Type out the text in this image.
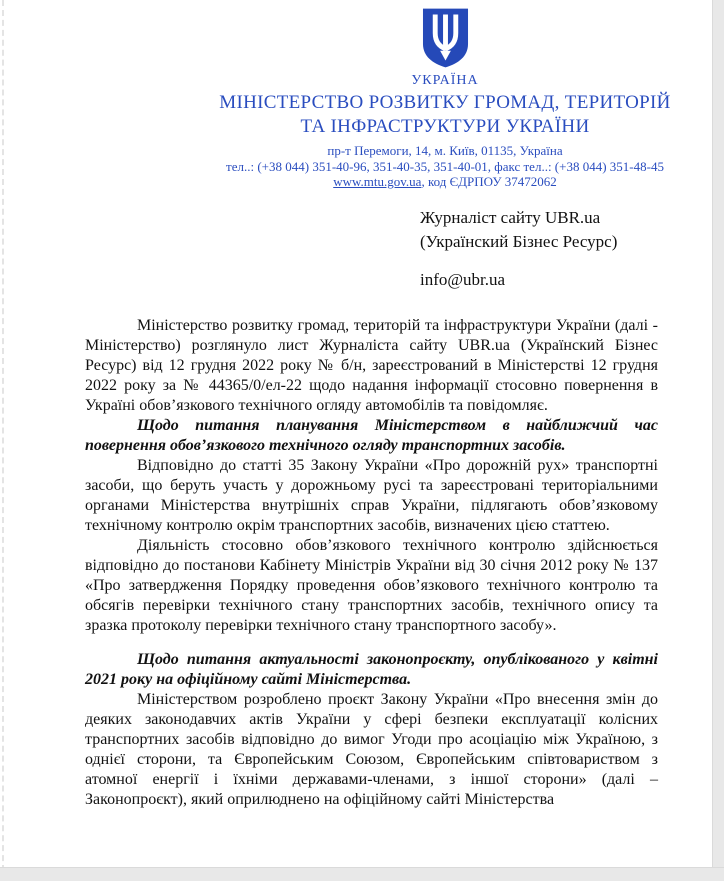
УКРАЇНА
МІНІСТЕРСТВО РОЗВИТКУ ГРОМАД, ТЕРИТОРІЙ
ТА ІНФРАСТРУКТУРИ УКРАЇНИ
пр-т Перемоги, 14, м. Київ, 01135, Україна
тел..: (+38 044) 351-40-96, 351-40-35, 351-40-01, факс тел..: (+38 044) 351-48-45
www.mtu.gov.ua, код ЄДРПОУ 37472062
Журналіст сайту UBR.ua
(Українский Бізнес Ресурс)
info@ubr.ua

Міністерство розвитку громад, територій та інфраструктури України (далі - Міністерство) розглянуло лист Журналіста сайту UBR.ua (Українский Бізнес Ресурс) від 12 грудня 2022 року № б/н, зареєстрований в Міністерстві 12 грудня 2022 року за № 44365/0/ел-22 щодо надання інформації стосовно повернення в Україні обов’язкового технічного огляду автомобілів та повідомляє.

Щодо питання планування Міністерством в найближчий час повернення обов’язкового технічного огляду транспортних засобів.

Відповідно до статті 35 Закону України «Про дорожній рух» транспортні засоби, що беруть участь у дорожньому русі та зареєстровані територіальними органами Міністерства внутрішніх справ України, підлягають обов’язковому технічному контролю окрім транспортних засобів, визначених цією статтею.

Діяльність стосовно обов’язкового технічного контролю здійснюється відповідно до постанови Кабінету Міністрів України від 30 січня 2012 року № 137 «Про затвердження Порядку проведення обов’язкового технічного контролю та обсягів перевірки технічного стану транспортних засобів, технічного опису та зразка протоколу перевірки технічного стану транспортного засобу».

Щодо питання актуальності законопроєкту, опублікованого у квітні 2021 року на офіційному сайті Міністерства.

Міністерством розроблено проєкт Закону України «Про внесення змін до деяких законодавчих актів України у сфері безпеки експлуатації колісних транспортних засобів відповідно до вимог Угоди про асоціацію між Україною, з однієї сторони, та Європейським Союзом, Європейським співтовариством з атомної енергії і їхніми державами-членами, з іншої сторони» (далі – Законопроєкт), який оприлюднено на офіційному сайті Міністерства
